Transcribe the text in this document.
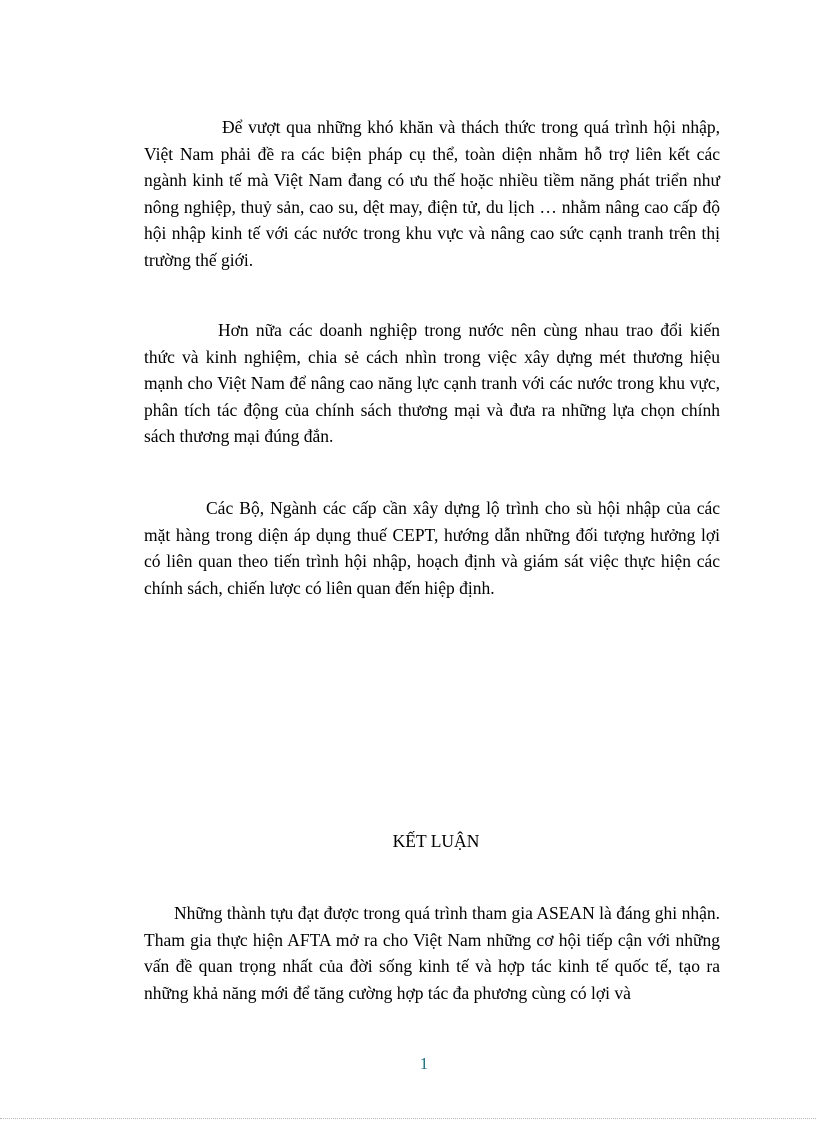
Để vượt qua những khó khăn và thách thức trong quá trình hội nhập, Việt Nam phải đề ra các biện pháp cụ thể, toàn diện nhằm hỗ trợ liên kết các ngành kinh tế mà Việt Nam đang có ưu thế hoặc nhiều tiềm năng phát triển như nông nghiệp, thuỷ sản, cao su, dệt may, điện tử, du lịch … nhằm nâng cao cấp độ hội nhập kinh tế với các nước trong khu vực và nâng cao sức cạnh tranh trên thị trường thế giới.

Hơn nữa các doanh nghiệp trong nước nên cùng nhau trao đổi kiến thức và kinh nghiệm, chia sẻ cách nhìn trong việc xây dựng mét thương hiệu mạnh cho Việt Nam để nâng cao năng lực cạnh tranh với các nước trong khu vực, phân tích tác động của chính sách thương mại và đưa ra những lựa chọn chính sách thương mại đúng đắn.

Các Bộ, Ngành các cấp cần xây dựng lộ trình cho sù hội nhập của các mặt hàng trong diện áp dụng thuế CEPT, hướng dẫn những đối tượng hưởng lợi có liên quan theo tiến trình hội nhập, hoạch định và giám sát việc thực hiện các chính sách, chiến lược có liên quan đến hiệp định.

KẾT LUẬN

Những thành tựu đạt được trong quá trình tham gia ASEAN là đáng ghi nhận. Tham gia thực hiện AFTA mở ra cho Việt Nam những cơ hội tiếp cận với những vấn đề quan trọng nhất của đời sống kinh tế và hợp tác kinh tế quốc tế, tạo ra những khả năng mới để tăng cường hợp tác đa phương cùng có lợi và

1
